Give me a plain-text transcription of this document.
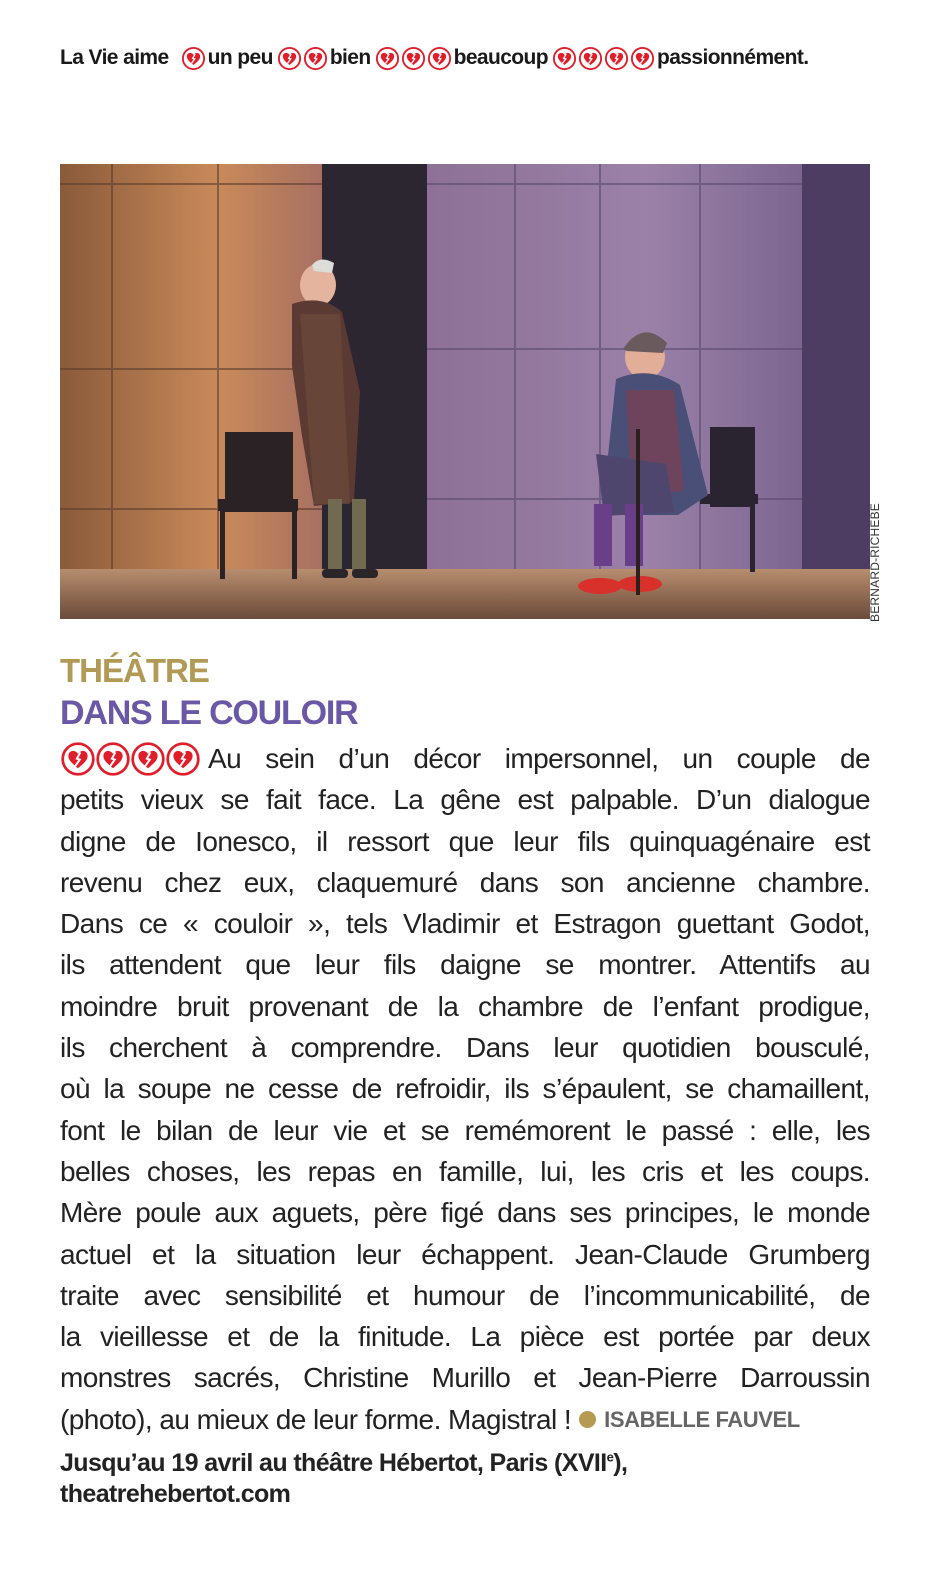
La Vie aime un peu	bien	beaucoup	passionnément.
BERNARD-RICHEBE
THÉÂTRE
DANS LE COULOIR
Au sein d’un décor impersonnel, un couple de
petits vieux se fait face. La gêne est palpable. D’un dialogue
digne de Ionesco, il ressort que leur fils quinquagénaire est
revenu chez eux, claquemuré dans son ancienne chambre.
Dans ce « couloir », tels Vladimir et Estragon guettant Godot,
ils attendent que leur fils daigne se montrer. Attentifs au
moindre bruit provenant de la chambre de l’enfant prodigue,
ils cherchent à comprendre. Dans leur quotidien bousculé,
où la soupe ne cesse de refroidir, ils s’épaulent, se chamaillent,
font le bilan de leur vie et se remémorent le passé : elle, les
belles choses, les repas en famille, lui, les cris et les coups.
Mère poule aux aguets, père figé dans ses principes, le monde
actuel et la situation leur échappent. Jean-Claude Grumberg
traite avec sensibilité et humour de l’incommunicabilité, de
la vieillesse et de la finitude. La pièce est portée par deux
monstres sacrés, Christine Murillo et Jean-Pierre Darroussin
(photo), au mieux de leur forme. Magistral ! ISABELLE FAUVEL
Jusqu’au 19 avril au théâtre Hébertot, Paris (XVIIe),
theatrehebertot.com
